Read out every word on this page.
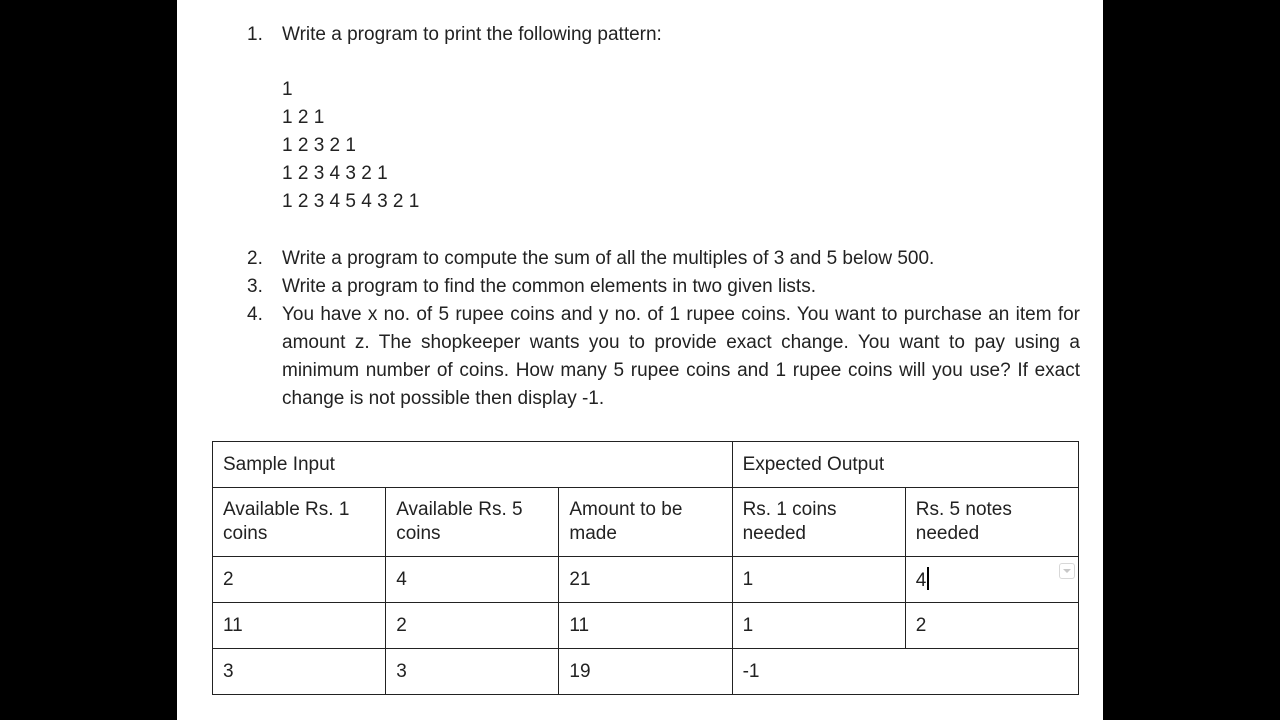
1.	Write a program to print the following pattern:
1
1 2 1
1 2 3 2 1
1 2 3 4 3 2 1
1 2 3 4 5 4 3 2 1
2.	Write a program to compute the sum of all the multiples of 3 and 5 below 500.
3.	Write a program to find the common elements in two given lists.
4.	You have x no. of 5 rupee coins and y no. of 1 rupee coins. You want to purchase an item for amount z. The shopkeeper wants you to provide exact change. You want to pay using a minimum number of coins. How many 5 rupee coins and 1 rupee coins will you use? If exact change is not possible then display -1.
Sample Input			Expected Output	
Available Rs. 1 coins	Available Rs. 5 coins	Amount to be made	Rs. 1 coins needed	Rs. 5 notes needed
2	4	21	1	4

11	2	11	1	2
3	3	19	-1	
